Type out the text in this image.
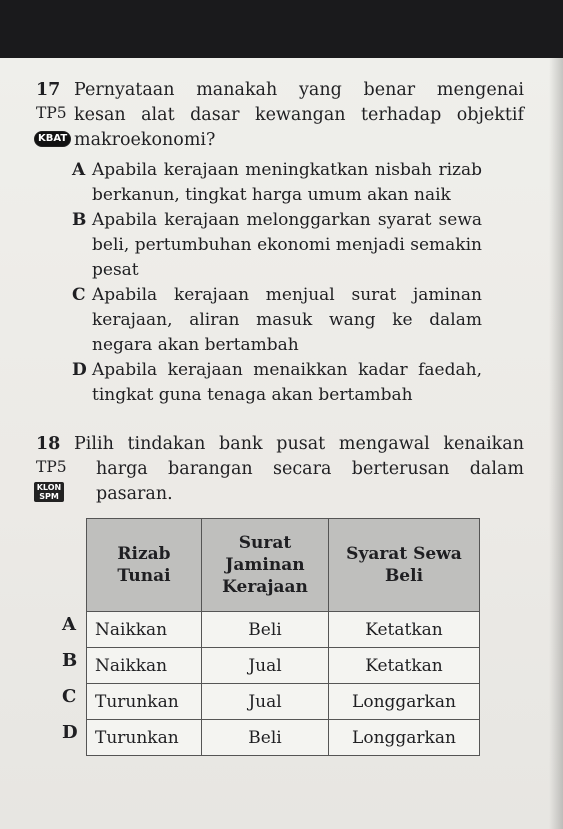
17 Pernyataan manakah yang benar mengenai
kesan alat dasar kewangan terhadap objektif
makroekonomi?
TP5
KBAT
A Apabila kerajaan meningkatkan nisbah rizab berkanun, tingkat harga umum akan naik
B Apabila kerajaan melonggarkan syarat sewa beli, pertumbuhan ekonomi menjadi semakin pesat
C Apabila kerajaan menjual surat jaminan kerajaan, aliran masuk wang ke dalam negara akan bertambah
D Apabila kerajaan menaikkan kadar faedah, tingkat guna tenaga akan bertambah
18 Pilih tindakan bank pusat mengawal kenaikan
harga barangan secara berterusan dalam
pasaran.
TP5
KLON
SPM
Rizab Tunai	Surat Jaminan Kerajaan	Syarat Sewa Beli
Naikkan	Beli	Ketatkan
Naikkan	Jual	Ketatkan
Turunkan	Jual	Longgarkan
Turunkan	Beli	Longgarkan
A
B
C
D
